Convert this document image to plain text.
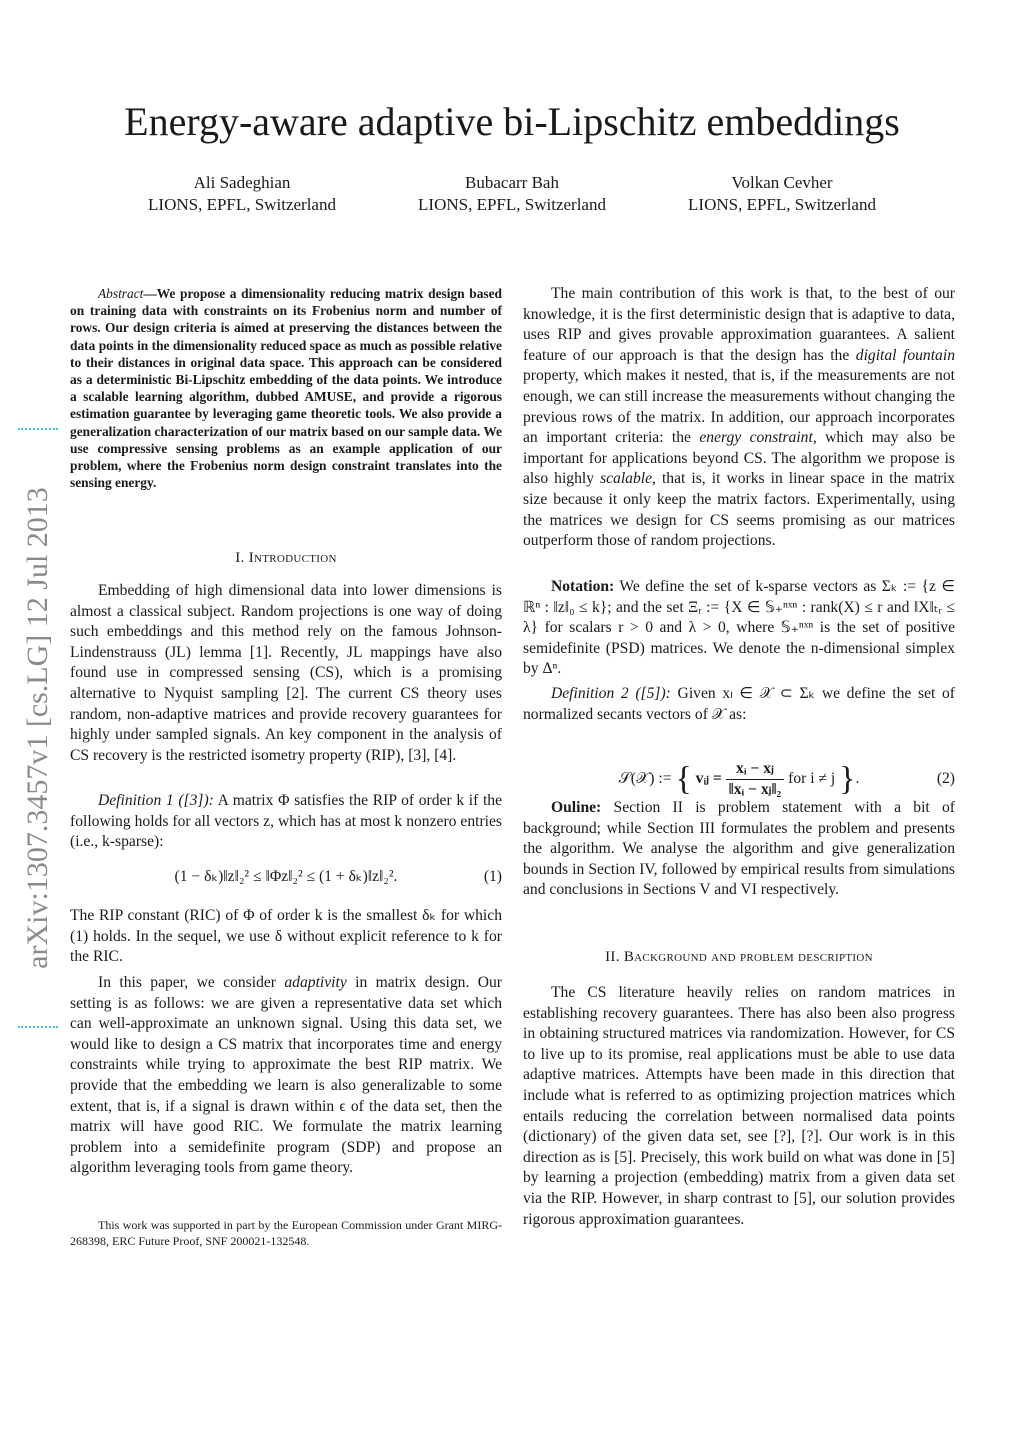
arXiv:1307.3457v1 [cs.LG] 12 Jul 2013
Energy-aware adaptive bi-Lipschitz embeddings
Ali Sadeghian
LIONS, EPFL, Switzerland
Bubacarr Bah
LIONS, EPFL, Switzerland
Volkan Cevher
LIONS, EPFL, Switzerland

Abstract—We propose a dimensionality reducing matrix design based on training data with constraints on its Frobenius norm and number of rows. Our design criteria is aimed at preserving the distances between the data points in the dimensionality reduced space as much as possible relative to their distances in original data space. This approach can be considered as a deterministic Bi-Lipschitz embedding of the data points. We introduce a scalable learning algorithm, dubbed AMUSE, and provide a rigorous estimation guarantee by leveraging game theoretic tools. We also provide a generalization characterization of our matrix based on our sample data. We use compressive sensing problems as an example application of our problem, where the Frobenius norm design constraint translates into the sensing energy.

I. Introduction

Embedding of high dimensional data into lower dimensions is almost a classical subject. Random projections is one way of doing such embeddings and this method rely on the famous Johnson-Lindenstrauss (JL) lemma [1]. Recently, JL mappings have also found use in compressed sensing (CS), which is a promising alternative to Nyquist sampling [2]. The current CS theory uses random, non-adaptive matrices and provide recovery guarantees for highly under sampled signals. An key component in the analysis of CS recovery is the restricted isometry property (RIP), [3], [4].

Definition 1 ([3]): A matrix Φ satisfies the RIP of order k if the following holds for all vectors z, which has at most k nonzero entries (i.e., k-sparse):

(1 − δₖ)‖z‖₂² ≤ ‖Φz‖₂² ≤ (1 + δₖ)‖z‖₂².	(1)

The RIP constant (RIC) of Φ of order k is the smallest δₖ for which (1) holds. In the sequel, we use δ without explicit reference to k for the RIC.

In this paper, we consider adaptivity in matrix design. Our setting is as follows: we are given a representative data set which can well-approximate an unknown signal. Using this data set, we would like to design a CS matrix that incorporates time and energy constraints while trying to approximate the best RIP matrix. We provide that the embedding we learn is also generalizable to some extent, that is, if a signal is drawn within ϵ of the data set, then the matrix will have good RIC. We formulate the matrix learning problem into a semidefinite program (SDP) and propose an algorithm leveraging tools from game theory.

This work was supported in part by the European Commission under Grant MIRG-268398, ERC Future Proof, SNF 200021-132548.

The main contribution of this work is that, to the best of our knowledge, it is the first deterministic design that is adaptive to data, uses RIP and gives provable approximation guarantees. A salient feature of our approach is that the design has the digital fountain property, which makes it nested, that is, if the measurements are not enough, we can still increase the measurements without changing the previous rows of the matrix. In addition, our approach incorporates an important criteria: the energy constraint, which may also be important for applications beyond CS. The algorithm we propose is also highly scalable, that is, it works in linear space in the matrix size because it only keep the matrix factors. Experimentally, using the matrices we design for CS seems promising as our matrices outperform those of random projections.

Notation: We define the set of k-sparse vectors as Σₖ := {z ∈ ℝⁿ : ‖z‖₀ ≤ k}; and the set Ξᵣ := {X ∈ 𝕊₊ⁿˣⁿ : rank(X) ≤ r and ‖X‖ₜᵣ ≤ λ} for scalars r > 0 and λ > 0, where 𝕊₊ⁿˣⁿ is the set of positive semidefinite (PSD) matrices. We denote the n-dimensional simplex by Δⁿ.

Definition 2 ([5]): Given xₗ ∈ 𝒳 ⊂ Σₖ we define the set of normalized secants vectors of 𝒳 as:

𝒮(𝒳) := { vᵢⱼ = $\frac{\text{xᵢ − xⱼ}}{\text{‖xᵢ − xⱼ‖₂}}$ for i ≠ j }.	(2)

Ouline: Section II is problem statement with a bit of background; while Section III formulates the problem and presents the algorithm. We analyse the algorithm and give generalization bounds in Section IV, followed by empirical results from simulations and conclusions in Sections V and VI respectively.

II. Background and problem description

The CS literature heavily relies on random matrices in establishing recovery guarantees. There has also been also progress in obtaining structured matrices via randomization. However, for CS to live up to its promise, real applications must be able to use data adaptive matrices. Attempts have been made in this direction that include what is referred to as optimizing projection matrices which entails reducing the correlation between normalised data points (dictionary) of the given data set, see [?], [?]. Our work is in this direction as is [5]. Precisely, this work build on what was done in [5] by learning a projection (embedding) matrix from a given data set via the RIP. However, in sharp contrast to [5], our solution provides rigorous approximation guarantees.
